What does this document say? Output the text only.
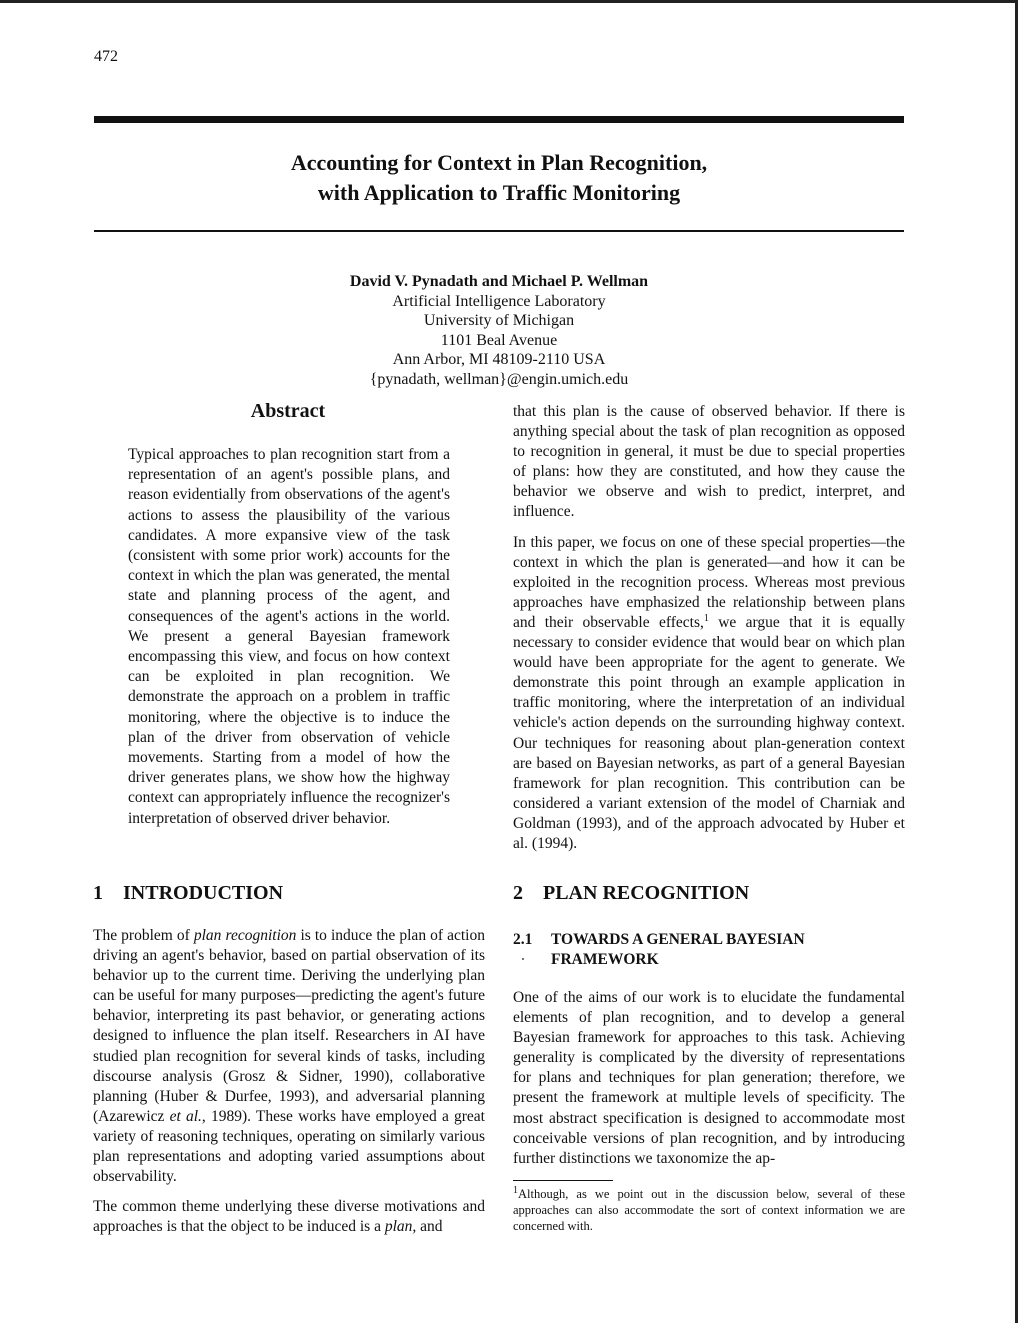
472
Accounting for Context in Plan Recognition,
with Application to Traffic Monitoring
David V. Pynadath and Michael P. Wellman
Artificial Intelligence Laboratory
University of Michigan
1101 Beal Avenue
Ann Arbor, MI 48109-2110 USA
{pynadath, wellman}@engin.umich.edu
Abstract
Typical approaches to plan recognition start from a representation of an agent's possible plans, and reason evidentially from observations of the agent's actions to assess the plausibility of the various candidates. A more expansive view of the task (consistent with some prior work) accounts for the context in which the plan was generated, the mental state and planning process of the agent, and consequences of the agent's actions in the world. We present a general Bayesian framework encompassing this view, and focus on how context can be exploited in plan recognition. We demonstrate the approach on a problem in traffic monitoring, where the objective is to induce the plan of the driver from observation of vehicle movements. Starting from a model of how the driver generates plans, we show how the highway context can appropriately influence the recognizer's interpretation of observed driver behavior.
1 INTRODUCTION

The problem of plan recognition is to induce the plan of action driving an agent's behavior, based on partial observation of its behavior up to the current time. Deriving the underlying plan can be useful for many purposes—predicting the agent's future behavior, interpreting its past behavior, or generating actions designed to influence the plan itself. Researchers in AI have studied plan recognition for several kinds of tasks, including discourse analysis (Grosz & Sidner, 1990), collaborative planning (Huber & Durfee, 1993), and adversarial planning (Azarewicz et al., 1989). These works have employed a great variety of reasoning techniques, operating on similarly various plan representations and adopting varied assumptions about observability.

The common theme underlying these diverse motivations and approaches is that the object to be induced is a plan, and

that this plan is the cause of observed behavior. If there is anything special about the task of plan recognition as opposed to recognition in general, it must be due to special properties of plans: how they are constituted, and how they cause the behavior we observe and wish to predict, interpret, and influence.

In this paper, we focus on one of these special properties—the context in which the plan is generated—and how it can be exploited in the recognition process. Whereas most previous approaches have emphasized the relationship between plans and their observable effects,$^1$ we argue that it is equally necessary to consider evidence that would bear on which plan would have been appropriate for the agent to generate. We demonstrate this point through an example application in traffic monitoring, where the interpretation of an individual vehicle's action depends on the surrounding highway context. Our techniques for reasoning about plan-generation context are based on Bayesian networks, as part of a general Bayesian framework for plan recognition. This contribution can be considered a variant extension of the model of Charniak and Goldman (1993), and of the approach advocated by Huber et al. (1994).

2 PLAN RECOGNITION
2.1	TOWARDS A GENERAL BAYESIAN FRAMEWORK
One of the aims of our work is to elucidate the fundamental elements of plan recognition, and to develop a general Bayesian framework for approaches to this task. Achieving generality is complicated by the diversity of representations for plans and techniques for plan generation; therefore, we present the framework at multiple levels of specificity. The most abstract specification is designed to accommodate most conceivable versions of plan recognition, and by introducing further distinctions we taxonomize the ap-
$^1$Although, as we point out in the discussion below, several of these approaches can also accommodate the sort of context information we are concerned with.
